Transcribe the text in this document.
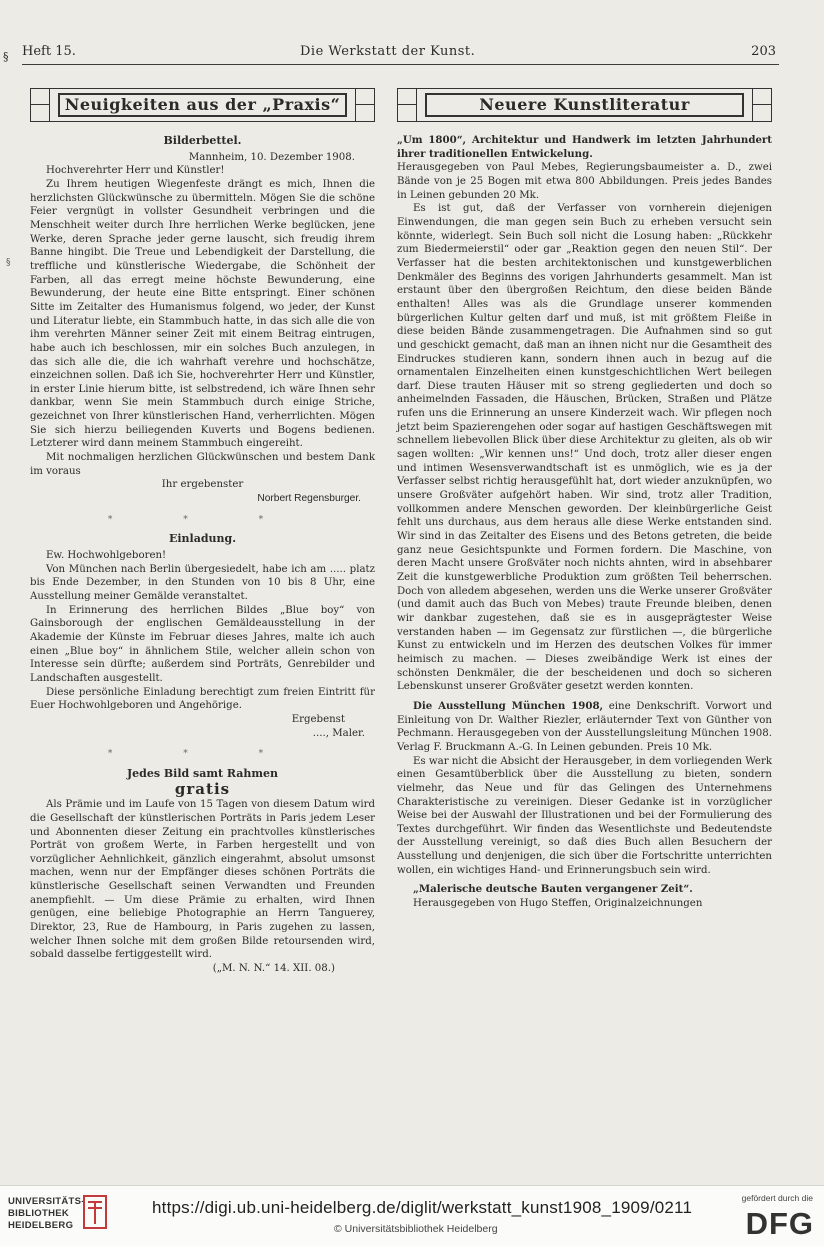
§
§
Heft 15.	Die Werkstatt der Kunst.	203
Neuigkeiten aus der „Praxis“

Bilderbettel.

Mannheim, 10. Dezember 1908.

Hochverehrter Herr und Künstler!

Zu Ihrem heutigen Wiegenfeste drängt es mich, Ihnen die herzlichsten Glückwünsche zu übermitteln. Mögen Sie die schöne Feier vergnügt in vollster Gesundheit verbringen und die Menschheit weiter durch Ihre herrlichen Werke beglücken, jene Werke, deren Sprache jeder gerne lauscht, sich freudig ihrem Banne hingibt. Die Treue und Lebendigkeit der Darstellung, die treffliche und künstlerische Wiedergabe, die Schönheit der Farben, all das erregt meine höchste Bewunderung, eine Bewunderung, der heute eine Bitte entspringt. Einer schönen Sitte im Zeitalter des Humanismus folgend, wo jeder, der Kunst und Literatur liebte, ein Stammbuch hatte, in das sich alle die von ihm verehrten Männer seiner Zeit mit einem Beitrag eintrugen, habe auch ich beschlossen, mir ein solches Buch anzulegen, in das sich alle die, die ich wahrhaft verehre und hochschätze, einzeichnen sollen. Daß ich Sie, hochverehrter Herr und Künstler, in erster Linie hierum bitte, ist selbstredend, ich wäre Ihnen sehr dankbar, wenn Sie mein Stammbuch durch einige Striche, gezeichnet von Ihrer künstlerischen Hand, verherrlichten. Mögen Sie sich hierzu beiliegenden Kuverts und Bogens bedienen. Letzterer wird dann meinem Stammbuch eingereiht.

Mit nochmaligen herzlichen Glückwünschen und bestem Dank im voraus

Ihr ergebenster

Norbert Regensburger.

* * *

Einladung.

Ew. Hochwohlgeboren!

Von München nach Berlin übergesiedelt, habe ich am ..... platz bis Ende Dezember, in den Stunden von 10 bis 8 Uhr, eine Ausstellung meiner Gemälde veranstaltet.

In Erinnerung des herrlichen Bildes „Blue boy“ von Gainsborough der englischen Gemäldeausstellung in der Akademie der Künste im Februar dieses Jahres, malte ich auch einen „Blue boy“ in ähnlichem Stile, welcher allein schon von Interesse sein dürfte; außerdem sind Porträts, Genrebilder und Landschaften ausgestellt.

Diese persönliche Einladung berechtigt zum freien Eintritt für Euer Hochwohlgeboren und Angehörige.

Ergebenst

...., Maler.

* * *

Jedes Bild samt Rahmen

gratis

Als Prämie und im Laufe von 15 Tagen von diesem Datum wird die Gesellschaft der künstlerischen Porträts in Paris jedem Leser und Abonnenten dieser Zeitung ein prachtvolles künstlerisches Porträt von großem Werte, in Farben hergestellt und von vorzüglicher Aehnlichkeit, gänzlich eingerahmt, absolut umsonst machen, wenn nur der Empfänger dieses schönen Porträts die künstlerische Gesellschaft seinen Verwandten und Freunden anempfiehlt. — Um diese Prämie zu erhalten, wird Ihnen genügen, eine beliebige Photographie an Herrn Tanguerey, Direktor, 23, Rue de Hambourg, in Paris zugehen zu lassen, welcher Ihnen solche mit dem großen Bilde retoursenden wird, sobald dasselbe fertiggestellt wird.

(„M. N. N.“ 14. XII. 08.)

Neuere Kunstliteratur

„Um 1800“, Architektur und Handwerk im letzten Jahrhundert ihrer traditionellen Entwickelung.

Herausgegeben von Paul Mebes, Regierungsbaumeister a. D., zwei Bände von je 25 Bogen mit etwa 800 Abbildungen. Preis jedes Bandes in Leinen gebunden 20 Mk.

Es ist gut, daß der Verfasser von vornherein diejenigen Einwendungen, die man gegen sein Buch zu erheben versucht sein könnte, widerlegt. Sein Buch soll nicht die Losung haben: „Rückkehr zum Biedermeierstil“ oder gar „Reaktion gegen den neuen Stil“. Der Verfasser hat die besten architektonischen und kunstgewerblichen Denkmäler des Beginns des vorigen Jahrhunderts gesammelt. Man ist erstaunt über den übergroßen Reichtum, den diese beiden Bände enthalten! Alles was als die Grundlage unserer kommenden bürgerlichen Kultur gelten darf und muß, ist mit größtem Fleiße in diese beiden Bände zusammengetragen. Die Aufnahmen sind so gut und geschickt gemacht, daß man an ihnen nicht nur die Gesamtheit des Eindruckes studieren kann, sondern ihnen auch in bezug auf die ornamentalen Einzelheiten einen kunstgeschichtlichen Wert beilegen darf. Diese trauten Häuser mit so streng gegliederten und doch so anheimelnden Fassaden, die Häuschen, Brücken, Straßen und Plätze rufen uns die Erinnerung an unsere Kinderzeit wach. Wir pflegen noch jetzt beim Spazierengehen oder sogar auf hastigen Geschäftswegen mit schnellem liebevollen Blick über diese Architektur zu gleiten, als ob wir sagen wollten: „Wir kennen uns!“ Und doch, trotz aller dieser engen und intimen Wesensverwandtschaft ist es unmöglich, wie es ja der Verfasser selbst richtig herausgefühlt hat, dort wieder anzuknüpfen, wo unsere Großväter aufgehört haben. Wir sind, trotz aller Tradition, vollkommen andere Menschen geworden. Der kleinbürgerliche Geist fehlt uns durchaus, aus dem heraus alle diese Werke entstanden sind. Wir sind in das Zeitalter des Eisens und des Betons getreten, die beide ganz neue Gesichtspunkte und Formen fordern. Die Maschine, von deren Macht unsere Großväter noch nichts ahnten, wird in absehbarer Zeit die kunstgewerbliche Produktion zum größten Teil beherrschen. Doch von alledem abgesehen, werden uns die Werke unserer Großväter (und damit auch das Buch von Mebes) traute Freunde bleiben, denen wir dankbar zugestehen, daß sie es in ausgeprägtester Weise verstanden haben — im Gegensatz zur fürstlichen —, die bürgerliche Kunst zu entwickeln und im Herzen des deutschen Volkes für immer heimisch zu machen. — Dieses zweibändige Werk ist eines der schönsten Denkmäler, die der bescheidenen und doch so sicheren Lebenskunst unserer Großväter gesetzt werden konnten.

Die Ausstellung München 1908, eine Denkschrift. Vorwort und Einleitung von Dr. Walther Riezler, erläuternder Text von Günther von Pechmann. Herausgegeben von der Ausstellungsleitung München 1908. Verlag F. Bruckmann A.-G. In Leinen gebunden. Preis 10 Mk.

Es war nicht die Absicht der Herausgeber, in dem vorliegenden Werk einen Gesamtüberblick über die Ausstellung zu bieten, sondern vielmehr, das Neue und für das Gelingen des Unternehmens Charakteristische zu vereinigen. Dieser Gedanke ist in vorzüglicher Weise bei der Auswahl der Illustrationen und bei der Formulierung des Textes durchgeführt. Wir finden das Wesentlichste und Bedeutendste der Ausstellung vereinigt, so daß dies Buch allen Besuchern der Ausstellung und denjenigen, die sich über die Fortschritte unterrichten wollen, ein wichtiges Hand- und Erinnerungsbuch sein wird.

„Malerische deutsche Bauten vergangener Zeit“.

Herausgegeben von Hugo Steffen, Originalzeichnungen

UNIVERSITÄTS-
BIBLIOTHEK
HEIDELBERG
https://digi.ub.uni-heidelberg.de/diglit/werkstatt_kunst1908_1909/0211
© Universitätsbibliothek Heidelberg
gefördert durch die
DFG
